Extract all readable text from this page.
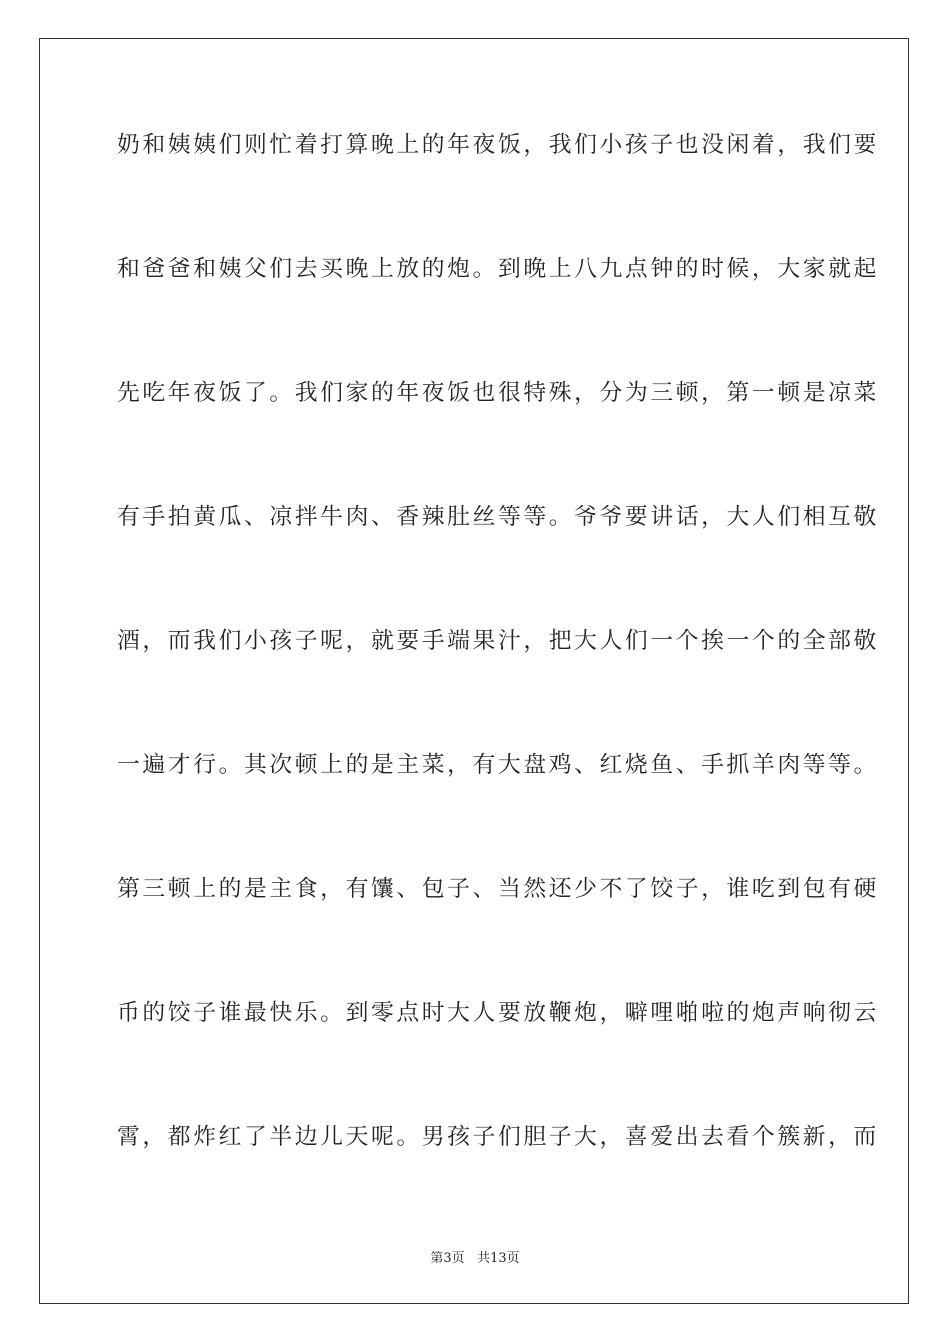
奶和姨姨们则忙着打算晚上的年夜饭，我们小孩子也没闲着，我们要
和爸爸和姨父们去买晚上放的炮。到晚上八九点钟的时候，大家就起
先吃年夜饭了。我们家的年夜饭也很特殊，分为三顿，第一顿是凉菜
有手拍黄瓜、凉拌牛肉、香辣肚丝等等。爷爷要讲话，大人们相互敬
酒，而我们小孩子呢，就要手端果汁，把大人们一个挨一个的全部敬
一遍才行。其次顿上的是主菜，有大盘鸡、红烧鱼、手抓羊肉等等。
第三顿上的是主食，有馕、包子、当然还少不了饺子，谁吃到包有硬
币的饺子谁最快乐。到零点时大人要放鞭炮，噼哩啪啦的炮声响彻云
霄，都炸红了半边儿天呢。男孩子们胆子大，喜爱出去看个簇新，而
第3页 共13页
